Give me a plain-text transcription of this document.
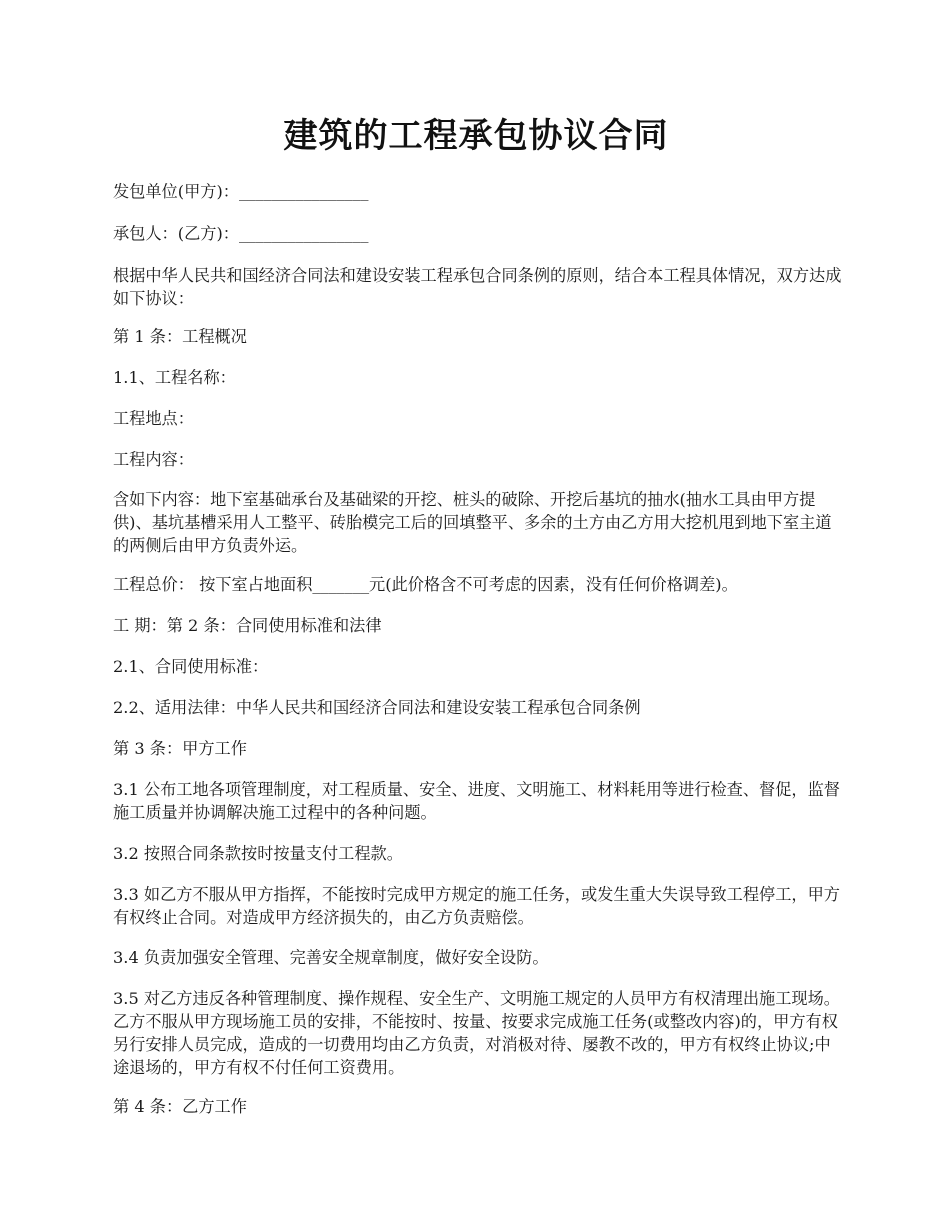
建筑的工程承包协议合同

发包单位(甲方)：________________

承包人：(乙方)：________________

根据中华人民共和国经济合同法和建设安装工程承包合同条例的原则，结合本工程具体情况，双方达成如下协议：

第 1 条：工程概况

1.1、工程名称：

工程地点：

工程内容：

含如下内容：地下室基础承台及基础梁的开挖、桩头的破除、开挖后基坑的抽水(抽水工具由甲方提供)、基坑基槽采用人工整平、砖胎模完工后的回填整平、多余的土方由乙方用大挖机甩到地下室主道的两侧后由甲方负责外运。

工程总价： 按下室占地面积_______元(此价格含不可考虑的因素，没有任何价格调差)。

工 期：第 2 条：合同使用标准和法律

2.1、合同使用标准：

2.2、适用法律：中华人民共和国经济合同法和建设安装工程承包合同条例

第 3 条：甲方工作

3.1 公布工地各项管理制度，对工程质量、安全、进度、文明施工、材料耗用等进行检查、督促，监督施工质量并协调解决施工过程中的各种问题。

3.2 按照合同条款按时按量支付工程款。

3.3 如乙方不服从甲方指挥，不能按时完成甲方规定的施工任务，或发生重大失误导致工程停工，甲方有权终止合同。对造成甲方经济损失的，由乙方负责赔偿。

3.4 负责加强安全管理、完善安全规章制度，做好安全设防。

3.5 对乙方违反各种管理制度、操作规程、安全生产、文明施工规定的人员甲方有权清理出施工现场。乙方不服从甲方现场施工员的安排，不能按时、按量、按要求完成施工任务(或整改内容)的，甲方有权另行安排人员完成，造成的一切费用均由乙方负责，对消极对待、屡教不改的，甲方有权终止协议;中途退场的，甲方有权不付任何工资费用。

第 4 条：乙方工作
